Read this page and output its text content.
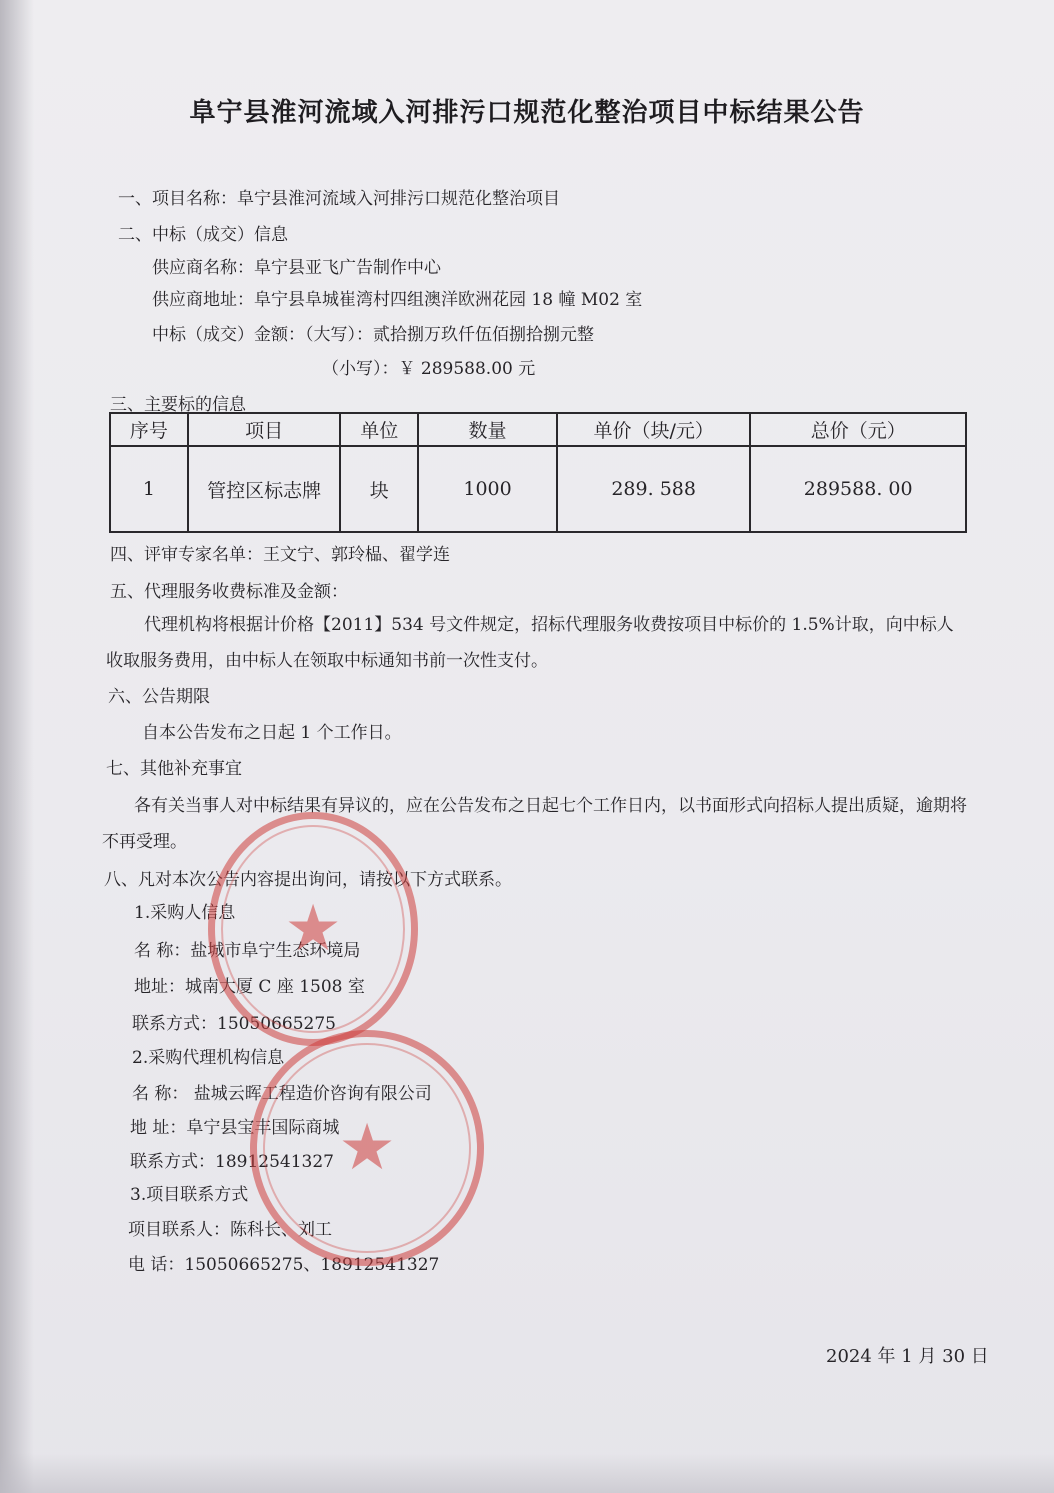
阜宁县淮河流域入河排污口规范化整治项目中标结果公告
一、项目名称：阜宁县淮河流域入河排污口规范化整治项目
二、中标（成交）信息
供应商名称：阜宁县亚飞广告制作中心
供应商地址：阜宁县阜城崔湾村四组澳洋欧洲花园 18 幢 M02 室
中标（成交）金额：（大写）：贰拾捌万玖仟伍佰捌拾捌元整
（小写）：￥ 289588.00 元
三、主要标的信息
序号	项目	单位	数量	单价（块/元）	总价（元）
1	管控区标志牌	块	1000	289. 588	289588. 00
四、评审专家名单：王文宁、郭玲榀、翟学连
五、代理服务收费标准及金额：
代理机构将根据计价格【2011】534 号文件规定，招标代理服务收费按项目中标价的 1.5%计取，向中标人收取服务费用，由中标人在领取中标通知书前一次性支付。
六、公告期限
自本公告发布之日起 1 个工作日。
七、其他补充事宜
各有关当事人对中标结果有异议的，应在公告发布之日起七个工作日内，以书面形式向招标人提出质疑，逾期将不再受理。
八、凡对本次公告内容提出询问，请按以下方式联系。
1.采购人信息
名 称：盐城市阜宁生态环境局
地址：城南大厦 C 座 1508 室
联系方式：15050665275
2.采购代理机构信息
名 称： 盐城云晖工程造价咨询有限公司
地 址：阜宁县宝丰国际商城
联系方式：18912541327
3.项目联系方式
项目联系人：陈科长、刘工
电 话：15050665275、18912541327
2024 年 1 月 30 日
★
★
